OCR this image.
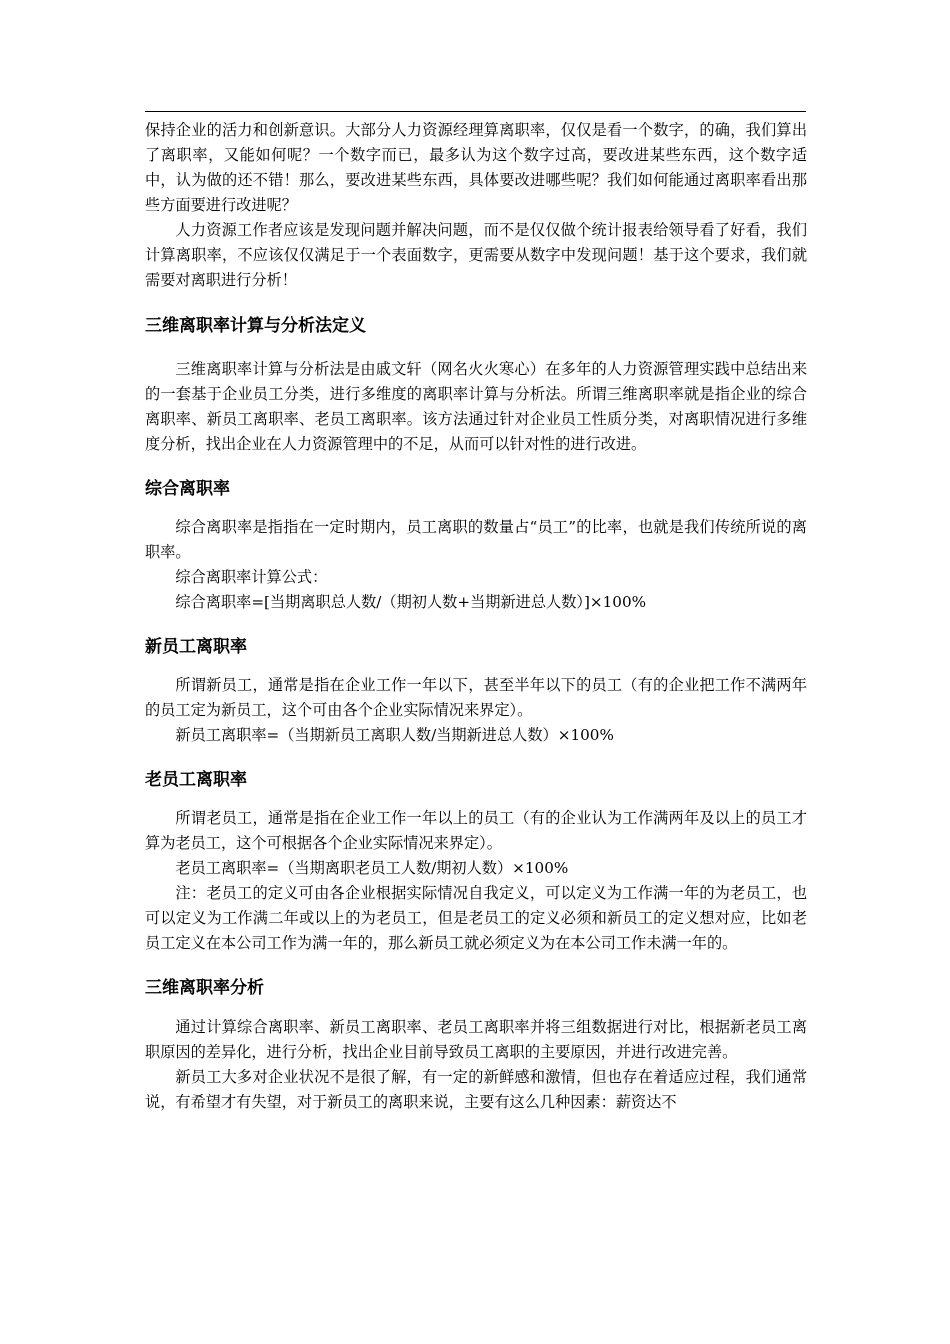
保持企业的活力和创新意识。大部分人力资源经理算离职率，仅仅是看一个数字，的确，我们算出了离职率，又能如何呢？一个数字而已，最多认为这个数字过高，要改进某些东西，这个数字适中，认为做的还不错！那么，要改进某些东西，具体要改进哪些呢？我们如何能通过离职率看出那些方面要进行改进呢？

人力资源工作者应该是发现问题并解决问题，而不是仅仅做个统计报表给领导看了好看，我们计算离职率，不应该仅仅满足于一个表面数字，更需要从数字中发现问题！基于这个要求，我们就需要对离职进行分析！

三维离职率计算与分析法定义

三维离职率计算与分析法是由戚文轩（网名火火寒心）在多年的人力资源管理实践中总结出来的一套基于企业员工分类，进行多维度的离职率计算与分析法。所谓三维离职率就是指企业的综合离职率、新员工离职率、老员工离职率。该方法通过针对企业员工性质分类，对离职情况进行多维度分析，找出企业在人力资源管理中的不足，从而可以针对性的进行改进。

综合离职率

综合离职率是指指在一定时期内，员工离职的数量占“员工”的比率，也就是我们传统所说的离职率。

综合离职率计算公式：

综合离职率=[当期离职总人数/（期初人数+当期新进总人数）]×100%

新员工离职率

所谓新员工，通常是指在企业工作一年以下，甚至半年以下的员工（有的企业把工作不满两年的员工定为新员工，这个可由各个企业实际情况来界定）。

新员工离职率=（当期新员工离职人数/当期新进总人数）×100%

老员工离职率

所谓老员工，通常是指在企业工作一年以上的员工（有的企业认为工作满两年及以上的员工才算为老员工，这个可根据各个企业实际情况来界定）。

老员工离职率=（当期离职老员工人数/期初人数）×100%

注：老员工的定义可由各企业根据实际情况自我定义，可以定义为工作满一年的为老员工，也可以定义为工作满二年或以上的为老员工，但是老员工的定义必须和新员工的定义想对应，比如老员工定义在本公司工作为满一年的，那么新员工就必须定义为在本公司工作未满一年的。

三维离职率分析

通过计算综合离职率、新员工离职率、老员工离职率并将三组数据进行对比，根据新老员工离职原因的差异化，进行分析，找出企业目前导致员工离职的主要原因，并进行改进完善。

新员工大多对企业状况不是很了解，有一定的新鲜感和激情，但也存在着适应过程，我们通常说，有希望才有失望，对于新员工的离职来说，主要有这么几种因素：薪资达不
